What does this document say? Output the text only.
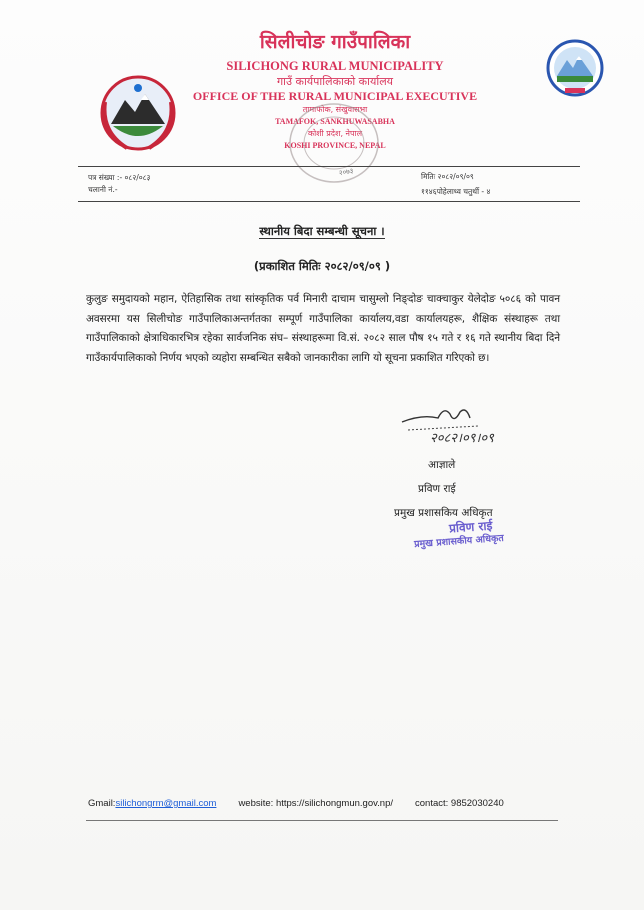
सिलीचोङ गाउँपालिका
SILICHONG RURAL MUNICIPALITY
गाउँ कार्यपालिकाको कार्यालय
OFFICE OF THE RURAL MUNICIPAL EXECUTIVE
तामाफोक, संखुवासभा
TAMAFOK, SANKHUWASABHA
कोशी प्रदेश, नेपाल
KOSHI PROVINCE, NEPAL
२०७३
पत्र संख्या :- ०८२/०८३
चलानी नं.-
मितिः २०८२/०९/०९
११४६पोहेलाथ्व चतुर्थी - ४
स्थानीय बिदा सम्बन्धी सूचना ।
(प्रकाशित मितिः २०८२/०९/०९ )
कुलुङ समुदायको महान, ऐतिहासिक तथा सांस्कृतिक पर्व मिनारी दाचाम चासुम्लो निङ्दोङ चाक्चाकुर येलेदोङ ५०८६ को पावन अवसरमा यस सिलीचोङ गाउँपालिकाअन्तर्गतका सम्पूर्ण गाउँपालिका कार्यालय,वडा कार्यालयहरू, शैक्षिक संस्थाहरू तथा गाउँपालिकाको क्षेत्राधिकारभित्र रहेका सार्वजनिक संघ– संस्थाहरूमा वि.सं. २०८२ साल पौष १५ गते र १६ गते स्थानीय बिदा दिने गाउँकार्यपालिकाको निर्णय भएको व्यहोरा सम्बन्धित सबैको जानकारीका लागि यो सूचना प्रकाशित गरिएको छ।
२०८२।०९।०९
आज्ञाले
प्रविण राई
प्रमुख प्रशासकिय अधिकृत
प्रविण राई
प्रमुख प्रशासकीय अधिकृत
Gmail:silichongrm@gmail.com website: https://silichongmun.gov.np/ contact: 9852030240
